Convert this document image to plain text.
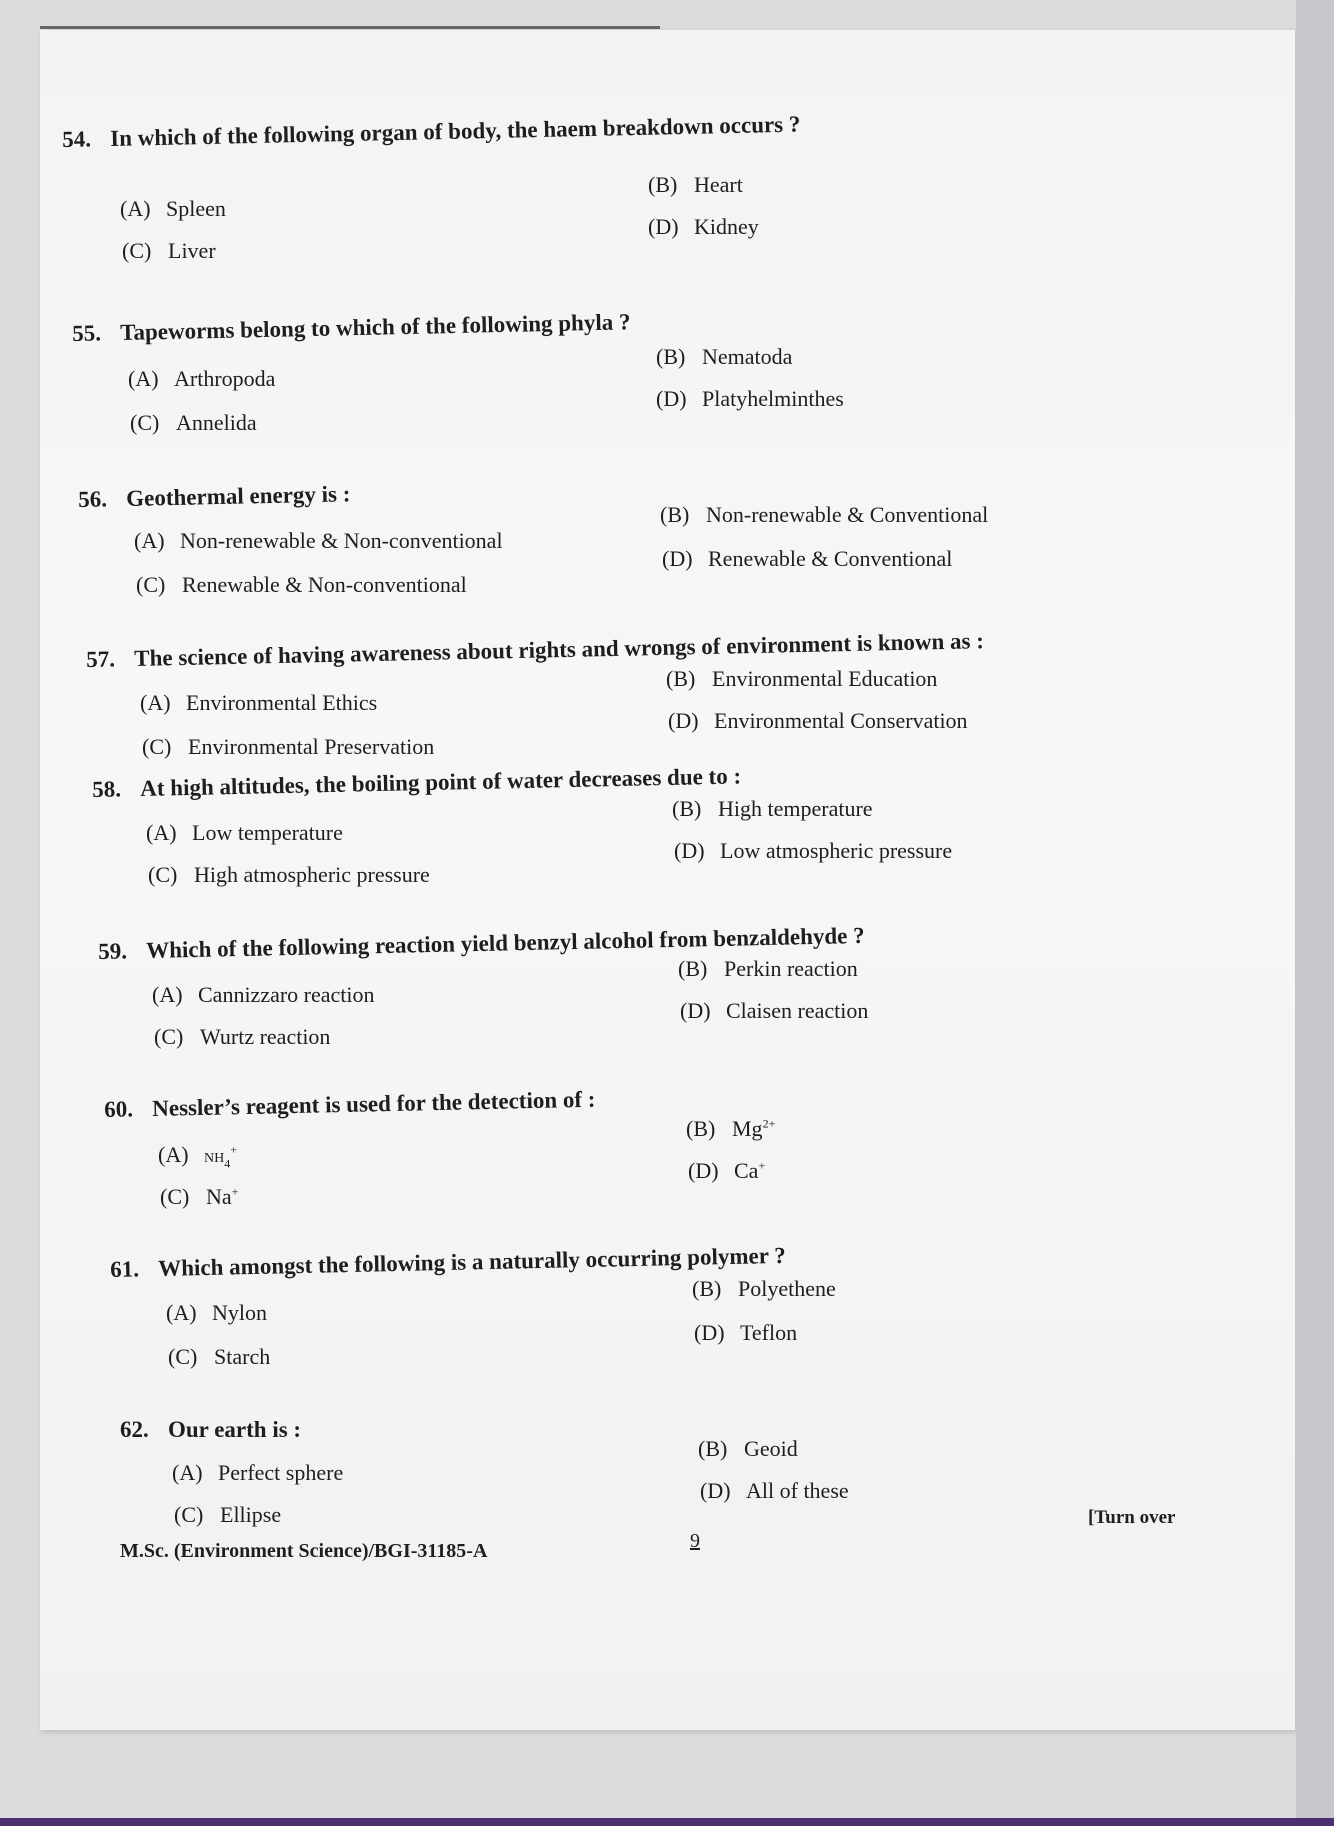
54. In which of the following organ of body, the haem breakdown occurs ?
(A) Spleen
(B) Heart
(C) Liver
(D) Kidney
55. Tapeworms belong to which of the following phyla ?
(A) Arthropoda
(B) Nematoda
(C) Annelida
(D) Platyhelminthes
56. Geothermal energy is :
(A) Non-renewable & Non-conventional
(B) Non-renewable & Conventional
(C) Renewable & Non-conventional
(D) Renewable & Conventional
57. The science of having awareness about rights and wrongs of environment is known as :
(A) Environmental Ethics
(B) Environmental Education
(C) Environmental Preservation
(D) Environmental Conservation
58. At high altitudes, the boiling point of water decreases due to :
(A) Low temperature
(B) High temperature
(C) High atmospheric pressure
(D) Low atmospheric pressure
59. Which of the following reaction yield benzyl alcohol from benzaldehyde ?
(A) Cannizzaro reaction
(B) Perkin reaction
(C) Wurtz reaction
(D) Claisen reaction
60. Nessler’s reagent is used for the detection of :
(A) $NH_4^+$
(B) $Mg^{2+}$
(C) Na+
(D) Ca+
61. Which amongst the following is a naturally occurring polymer ?
(A) Nylon
(B) Polyethene
(C) Starch
(D) Teflon
62. Our earth is :
(A) Perfect sphere
(B) Geoid
(C) Ellipse
(D) All of these
M.Sc. (Environment Science)/BGI-31185-A	9
[Turn over
